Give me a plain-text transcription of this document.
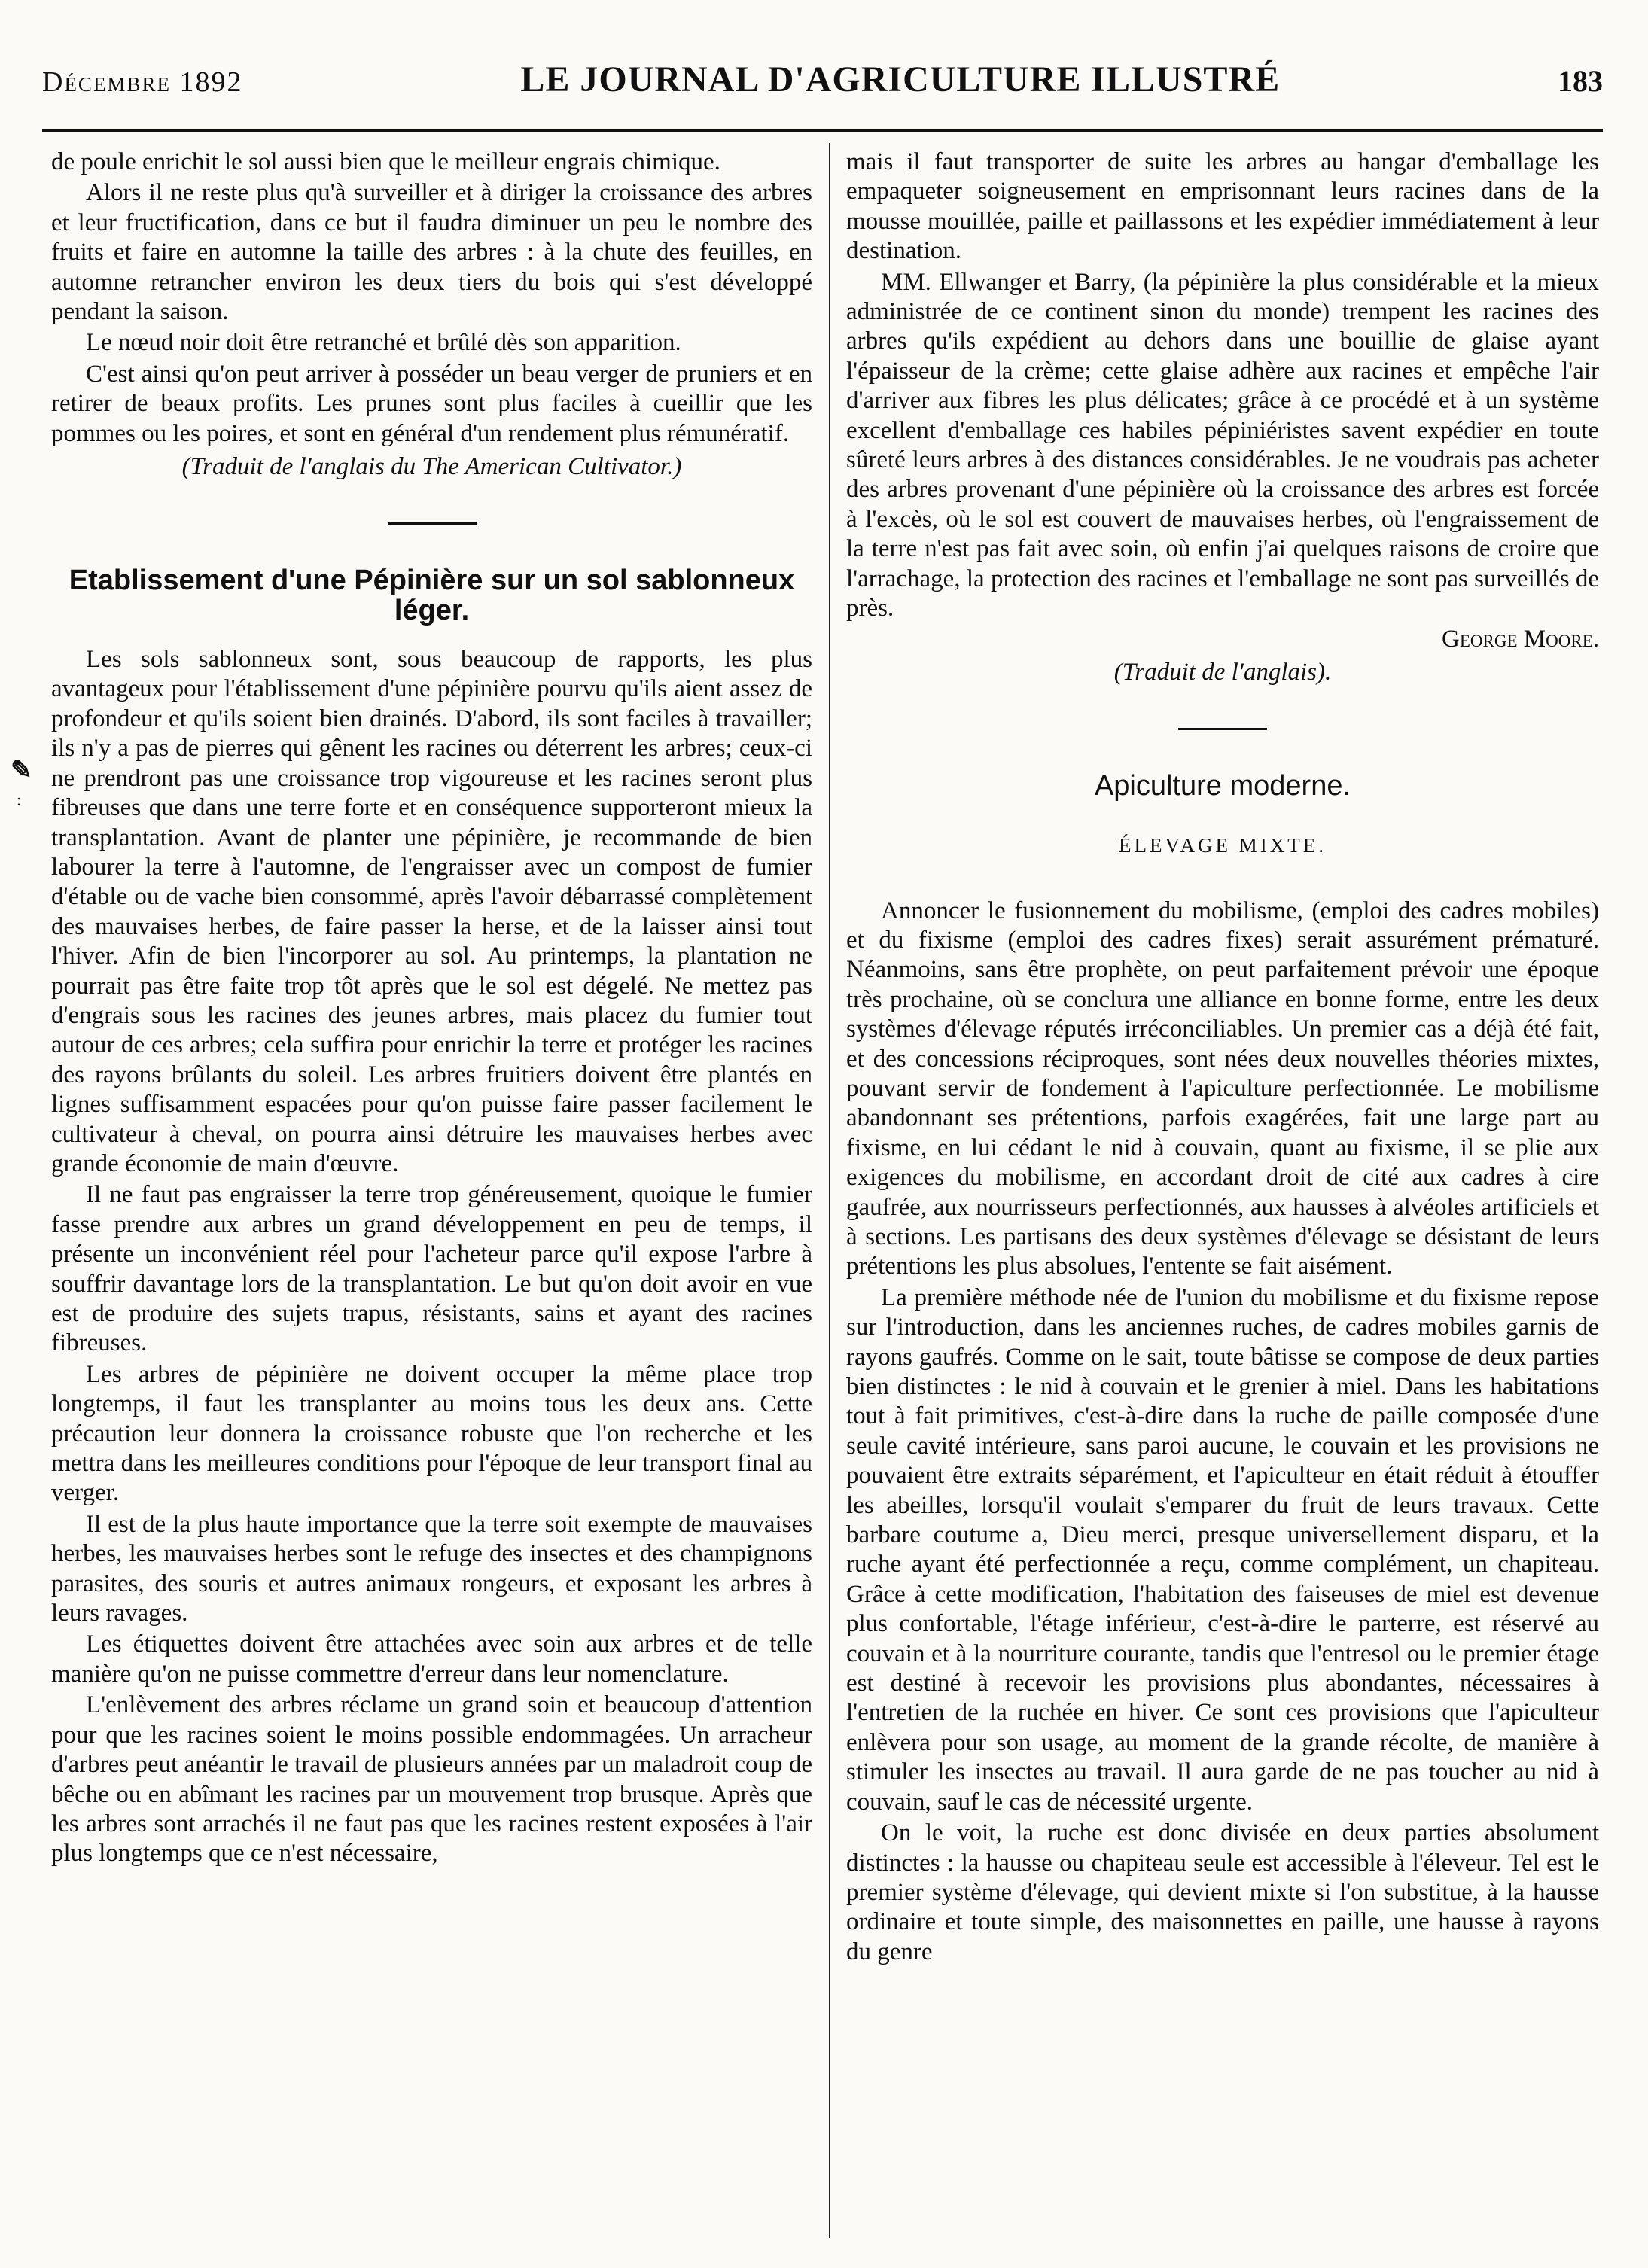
Décembre 1892	LE JOURNAL D'AGRICULTURE ILLUSTRÉ	183
✎
:

de poule enrichit le sol aussi bien que le meilleur engrais chimique.

Alors il ne reste plus qu'à surveiller et à diriger la croissance des arbres et leur fructification, dans ce but il faudra diminuer un peu le nombre des fruits et faire en automne la taille des arbres : à la chute des feuilles, en automne retrancher environ les deux tiers du bois qui s'est développé pendant la saison.

Le nœud noir doit être retranché et brûlé dès son apparition.

C'est ainsi qu'on peut arriver à posséder un beau verger de pruniers et en retirer de beaux profits. Les prunes sont plus faciles à cueillir que les pommes ou les poires, et sont en général d'un rendement plus rémunératif.

(Traduit de l'anglais du The American Cultivator.)

Etablissement d'une Pépinière sur un sol sablonneux léger.

Les sols sablonneux sont, sous beaucoup de rapports, les plus avantageux pour l'établissement d'une pépinière pourvu qu'ils aient assez de profondeur et qu'ils soient bien drainés. D'abord, ils sont faciles à travailler; ils n'y a pas de pierres qui gênent les racines ou déterrent les arbres; ceux-ci ne prendront pas une croissance trop vigoureuse et les racines seront plus fibreuses que dans une terre forte et en conséquence supporteront mieux la transplantation. Avant de planter une pépinière, je recommande de bien labourer la terre à l'automne, de l'engraisser avec un compost de fumier d'étable ou de vache bien consommé, après l'avoir débarrassé complètement des mauvaises herbes, de faire passer la herse, et de la laisser ainsi tout l'hiver. Afin de bien l'incorporer au sol. Au printemps, la plantation ne pourrait pas être faite trop tôt après que le sol est dégelé. Ne mettez pas d'engrais sous les racines des jeunes arbres, mais placez du fumier tout autour de ces arbres; cela suffira pour enrichir la terre et protéger les racines des rayons brûlants du soleil. Les arbres fruitiers doivent être plantés en lignes suffisamment espacées pour qu'on puisse faire passer facilement le cultivateur à cheval, on pourra ainsi détruire les mauvaises herbes avec grande économie de main d'œuvre.

Il ne faut pas engraisser la terre trop généreusement, quoique le fumier fasse prendre aux arbres un grand développement en peu de temps, il présente un inconvénient réel pour l'acheteur parce qu'il expose l'arbre à souffrir davantage lors de la transplantation. Le but qu'on doit avoir en vue est de produire des sujets trapus, résistants, sains et ayant des racines fibreuses.

Les arbres de pépinière ne doivent occuper la même place trop longtemps, il faut les transplanter au moins tous les deux ans. Cette précaution leur donnera la croissance robuste que l'on recherche et les mettra dans les meilleures conditions pour l'époque de leur transport final au verger.

Il est de la plus haute importance que la terre soit exempte de mauvaises herbes, les mauvaises herbes sont le refuge des insectes et des champignons parasites, des souris et autres animaux rongeurs, et exposant les arbres à leurs ravages.

Les étiquettes doivent être attachées avec soin aux arbres et de telle manière qu'on ne puisse commettre d'erreur dans leur nomenclature.

L'enlèvement des arbres réclame un grand soin et beaucoup d'attention pour que les racines soient le moins possible endommagées. Un arracheur d'arbres peut anéantir le travail de plusieurs années par un maladroit coup de bêche ou en abîmant les racines par un mouvement trop brusque. Après que les arbres sont arrachés il ne faut pas que les racines restent exposées à l'air plus longtemps que ce n'est nécessaire,

mais il faut transporter de suite les arbres au hangar d'emballage les empaqueter soigneusement en emprisonnant leurs racines dans de la mousse mouillée, paille et paillassons et les expédier immédiatement à leur destination.

MM. Ellwanger et Barry, (la pépinière la plus considérable et la mieux administrée de ce continent sinon du monde) trempent les racines des arbres qu'ils expédient au dehors dans une bouillie de glaise ayant l'épaisseur de la crème; cette glaise adhère aux racines et empêche l'air d'arriver aux fibres les plus délicates; grâce à ce procédé et à un système excellent d'emballage ces habiles pépiniéristes savent expédier en toute sûreté leurs arbres à des distances considérables. Je ne voudrais pas acheter des arbres provenant d'une pépinière où la croissance des arbres est forcée à l'excès, où le sol est couvert de mauvaises herbes, où l'engraissement de la terre n'est pas fait avec soin, où enfin j'ai quelques raisons de croire que l'arrachage, la protection des racines et l'emballage ne sont pas surveillés de près.

George Moore.

(Traduit de l'anglais).

Apiculture moderne.
ÉLEVAGE MIXTE.

Annoncer le fusionnement du mobilisme, (emploi des cadres mobiles) et du fixisme (emploi des cadres fixes) serait assurément prématuré. Néanmoins, sans être prophète, on peut parfaitement prévoir une époque très prochaine, où se conclura une alliance en bonne forme, entre les deux systèmes d'élevage réputés irréconciliables. Un premier cas a déjà été fait, et des concessions réciproques, sont nées deux nouvelles théories mixtes, pouvant servir de fondement à l'apiculture perfectionnée. Le mobilisme abandonnant ses prétentions, parfois exagérées, fait une large part au fixisme, en lui cédant le nid à couvain, quant au fixisme, il se plie aux exigences du mobilisme, en accordant droit de cité aux cadres à cire gaufrée, aux nourrisseurs perfectionnés, aux hausses à alvéoles artificiels et à sections. Les partisans des deux systèmes d'élevage se désistant de leurs prétentions les plus absolues, l'entente se fait aisément.

La première méthode née de l'union du mobilisme et du fixisme repose sur l'introduction, dans les anciennes ruches, de cadres mobiles garnis de rayons gaufrés. Comme on le sait, toute bâtisse se compose de deux parties bien distinctes : le nid à couvain et le grenier à miel. Dans les habitations tout à fait primitives, c'est-à-dire dans la ruche de paille composée d'une seule cavité intérieure, sans paroi aucune, le couvain et les provisions ne pouvaient être extraits séparément, et l'apiculteur en était réduit à étouffer les abeilles, lorsqu'il voulait s'emparer du fruit de leurs travaux. Cette barbare coutume a, Dieu merci, presque universellement disparu, et la ruche ayant été perfectionnée a reçu, comme complément, un chapiteau. Grâce à cette modification, l'habitation des faiseuses de miel est devenue plus confortable, l'étage inférieur, c'est-à-dire le parterre, est réservé au couvain et à la nourriture courante, tandis que l'entresol ou le premier étage est destiné à recevoir les provisions plus abondantes, nécessaires à l'entretien de la ruchée en hiver. Ce sont ces provisions que l'apiculteur enlèvera pour son usage, au moment de la grande récolte, de manière à stimuler les insectes au travail. Il aura garde de ne pas toucher au nid à couvain, sauf le cas de nécessité urgente.

On le voit, la ruche est donc divisée en deux parties absolument distinctes : la hausse ou chapiteau seule est accessible à l'éleveur. Tel est le premier système d'élevage, qui devient mixte si l'on substitue, à la hausse ordinaire et toute simple, des maisonnettes en paille, une hausse à rayons du genre
